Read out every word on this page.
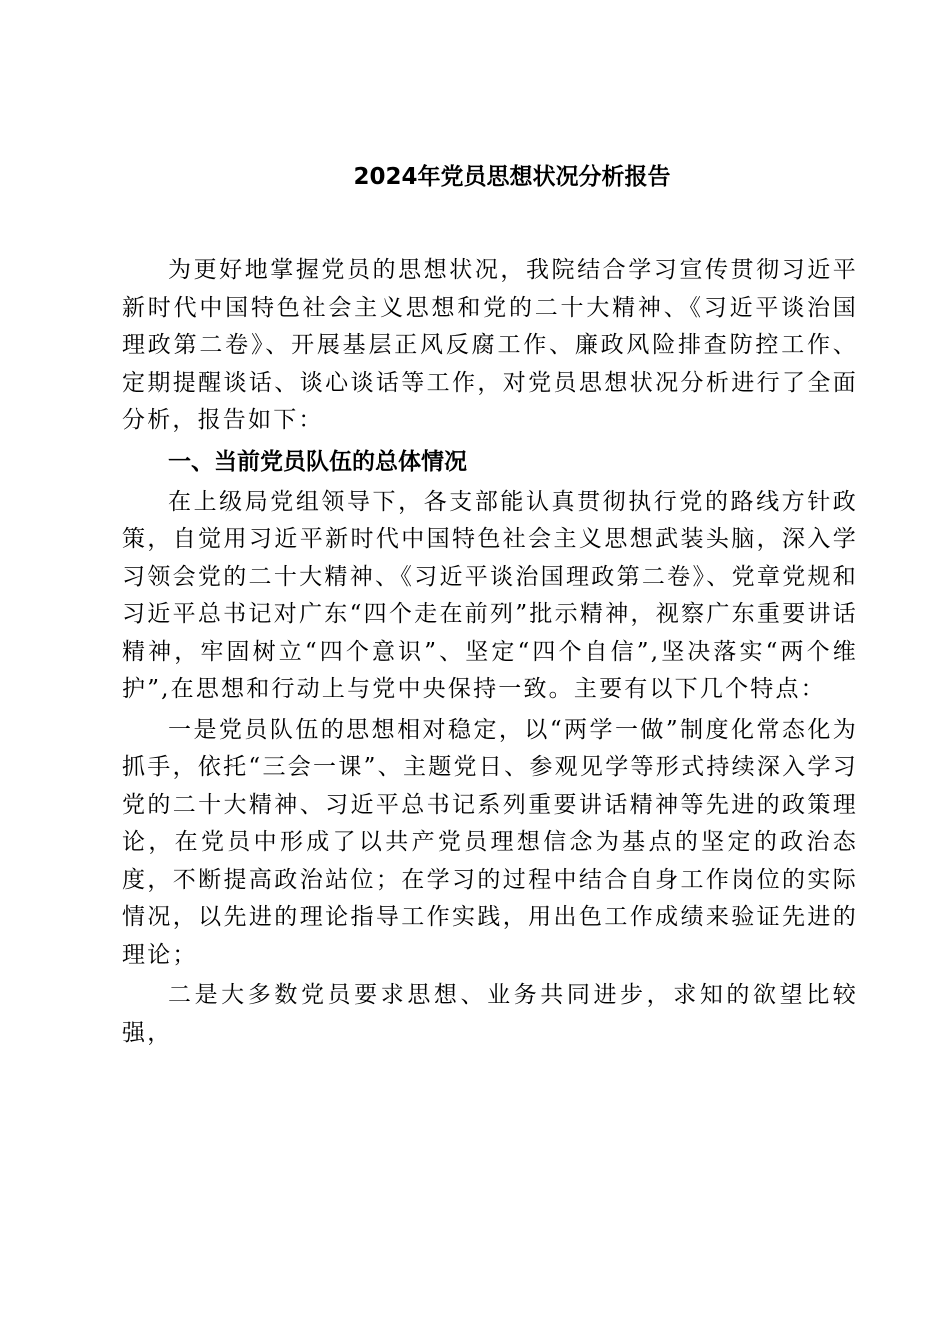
2024年党员思想状况分析报告

为更好地掌握党员的思想状况，我院结合学习宣传贯彻习近平新时代中国特色社会主义思想和党的二十大精神、《习近平谈治国理政第二卷》、开展基层正风反腐工作、廉政风险排查防控工作、定期提醒谈话、谈心谈话等工作，对党员思想状况分析进行了全面分析，报告如下：

一、当前党员队伍的总体情况

在上级局党组领导下，各支部能认真贯彻执行党的路线方针政策，自觉用习近平新时代中国特色社会主义思想武装头脑，深入学习领会党的二十大精神、《习近平谈治国理政第二卷》、党章党规和习近平总书记对广东“四个走在前列”批示精神，视察广东重要讲话精神，牢固树立“四个意识”、坚定“四个自信”,坚决落实“两个维护”,在思想和行动上与党中央保持一致。主要有以下几个特点：

一是党员队伍的思想相对稳定，以“两学一做”制度化常态化为抓手，依托“三会一课”、主题党日、参观见学等形式持续深入学习党的二十大精神、习近平总书记系列重要讲话精神等先进的政策理论，在党员中形成了以共产党员理想信念为基点的坚定的政治态度，不断提高政治站位；在学习的过程中结合自身工作岗位的实际情况，以先进的理论指导工作实践，用出色工作成绩来验证先进的理论；

二是大多数党员要求思想、业务共同进步，求知的欲望比较强，
